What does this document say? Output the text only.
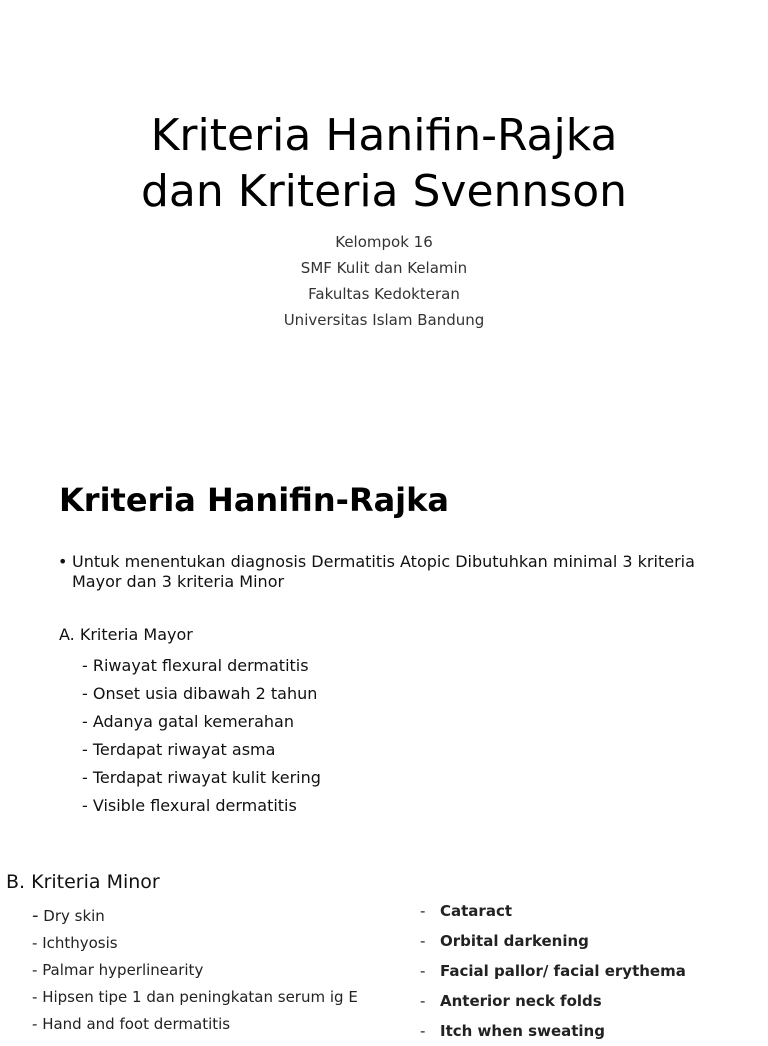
Kriteria Hanifin-Rajka
dan Kriteria Svennson
Kelompok 16
SMF Kulit dan Kelamin
Fakultas Kedokteran
Universitas Islam Bandung
Kriteria Hanifin-Rajka
• Untuk menentukan diagnosis Dermatitis Atopic Dibutuhkan minimal 3 kriteria Mayor dan 3 kriteria Minor
A. Kriteria Mayor
- Riwayat flexural dermatitis
- Onset usia dibawah 2 tahun
- Adanya gatal kemerahan
- Terdapat riwayat asma
- Terdapat riwayat kulit kering
- Visible flexural dermatitis
B. Kriteria Minor
- Dry skin
- Ichthyosis
- Palmar hyperlinearity
- Hipsen tipe 1 dan peningkatan serum ig E
- Hand and foot dermatitis
- Cataract
- Orbital darkening
- Facial pallor/ facial erythema
- Anterior neck folds
- Itch when sweating
